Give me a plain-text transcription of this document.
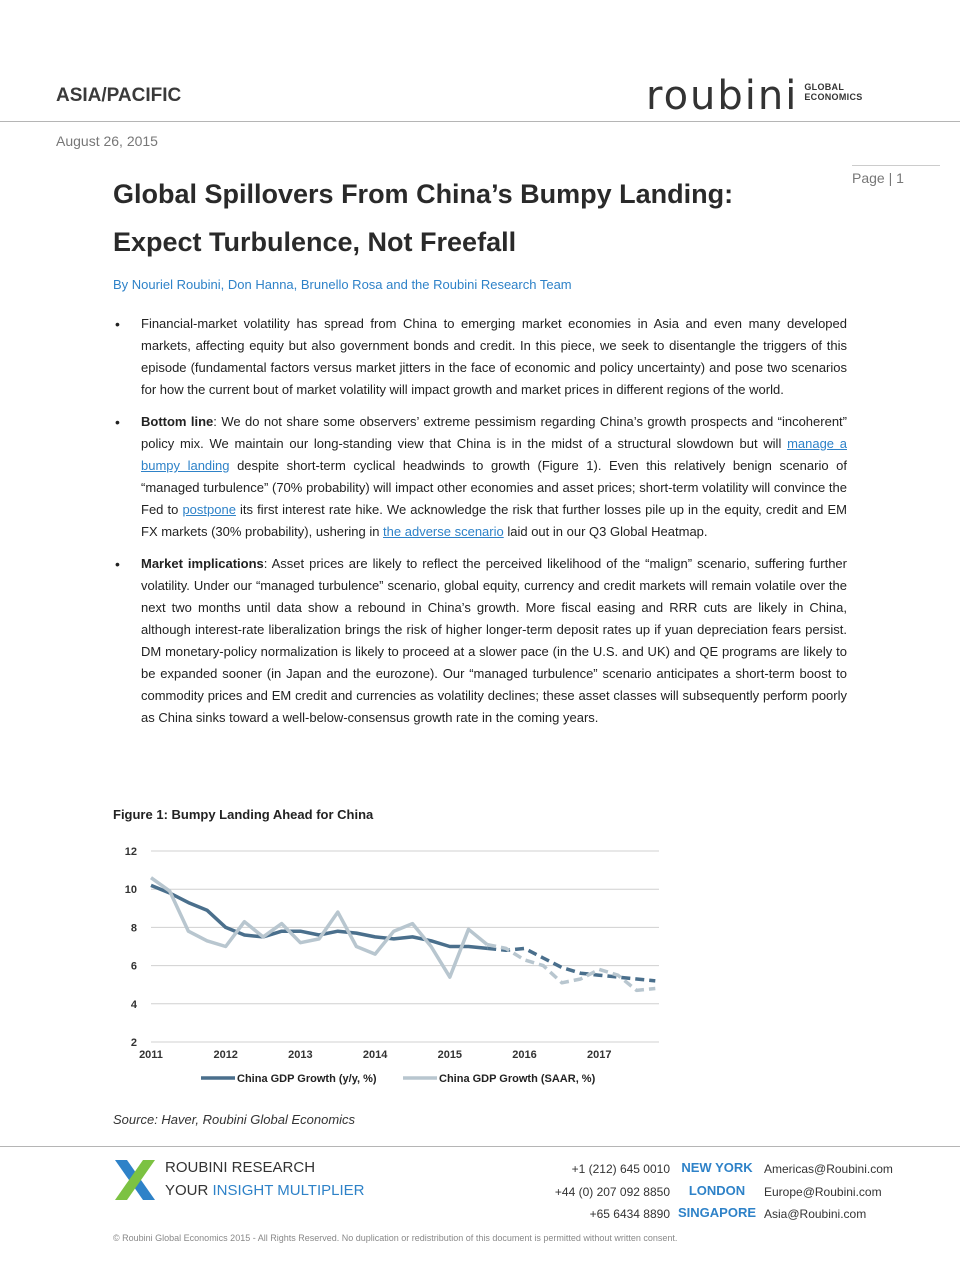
ASIA/PACIFIC	roubini GLOBAL
ECONOMICS
August 26, 2015
Page | 1
Global Spillovers From China’s Bumpy Landing:
Expect Turbulence, Not Freefall
By Nouriel Roubini, Don Hanna, Brunello Rosa and the Roubini Research Team
• Financial-market volatility has spread from China to emerging market economies in Asia and even many developed markets, affecting equity but also government bonds and credit. In this piece, we seek to disentangle the triggers of this episode (fundamental factors versus market jitters in the face of economic and policy uncertainty) and pose two scenarios for how the current bout of market volatility will impact growth and market prices in different regions of the world.
• Bottom line: We do not share some observers’ extreme pessimism regarding China’s growth prospects and “incoherent” policy mix. We maintain our long-standing view that China is in the midst of a structural slowdown but will manage a bumpy landing despite short-term cyclical headwinds to growth (Figure 1). Even this relatively benign scenario of “managed turbulence” (70% probability) will impact other economies and asset prices; short-term volatility will convince the Fed to postpone its first interest rate hike. We acknowledge the risk that further losses pile up in the equity, credit and EM FX markets (30% probability), ushering in the adverse scenario laid out in our Q3 Global Heatmap.
• Market implications: Asset prices are likely to reflect the perceived likelihood of the “malign” scenario, suffering further volatility. Under our “managed turbulence” scenario, global equity, currency and credit markets will remain volatile over the next two months until data show a rebound in China’s growth. More fiscal easing and RRR cuts are likely in China, although interest-rate liberalization brings the risk of higher longer-term deposit rates up if yuan depreciation fears persist. DM monetary-policy normalization is likely to proceed at a slower pace (in the U.S. and UK) and QE programs are likely to be expanded sooner (in Japan and the eurozone). Our “managed turbulence” scenario anticipates a short-term boost to commodity prices and EM credit and currencies as volatility declines; these asset classes will subsequently perform poorly as China sinks toward a well-below-consensus growth rate in the coming years.
Figure 1: Bumpy Landing Ahead for China
2
4
6
8
10
12
2011	2012	2013	2014	2015	2016	2017
China GDP Growth (y/y, %)	China GDP Growth (SAAR, %)
Source: Haver, Roubini Global Economics
ROUBINI RESEARCH
YOUR INSIGHT MULTIPLIER
+1 (212) 645 0010 NEW YORK Americas@Roubini.com
+44 (0) 207 092 8850	LONDON	Europe@Roubini.com
+65 6434 8890 SINGAPORE Asia@Roubini.com
© Roubini Global Economics 2015 - All Rights Reserved. No duplication or redistribution of this document is permitted without written consent.
